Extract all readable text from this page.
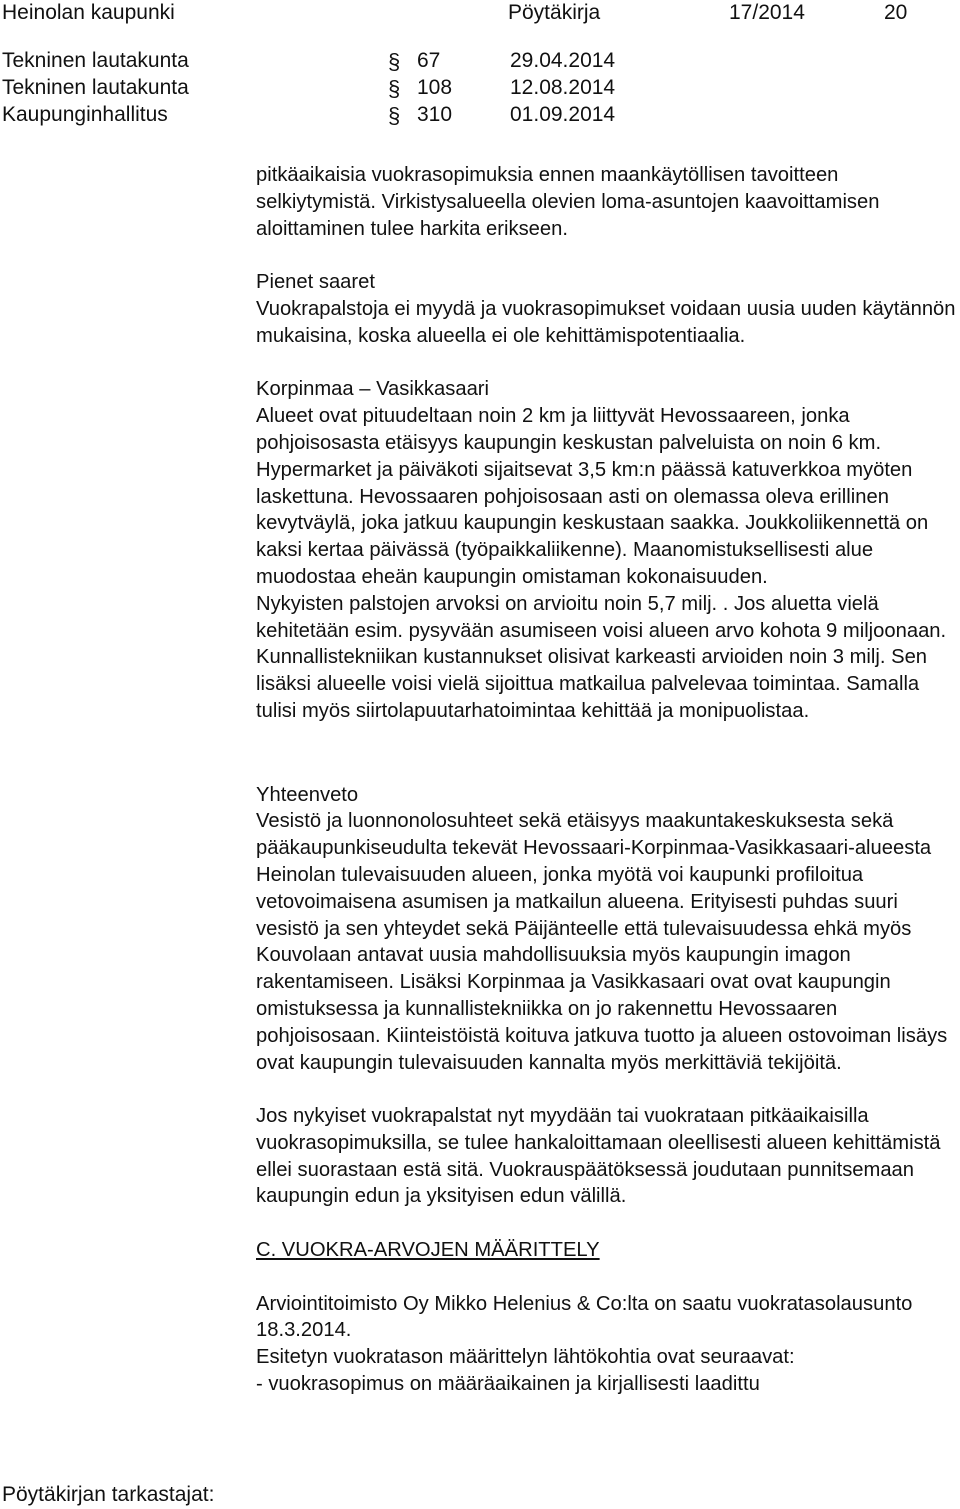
Heinolan kaupunki	Pöytäkirja	17/2014	20
Tekninen lautakunta	§ 67	29.04.2014
Tekninen lautakunta	§ 108	12.08.2014
Kaupunginhallitus	§ 310	01.09.2014

pitkäaikaisia vuokrasopimuksia ennen maankäytöllisen tavoitteen selkiytymistä. Virkistysalueella olevien loma-asuntojen kaavoittamisen aloittaminen tulee harkita erikseen.

Pienet saaret

Vuokrapalstoja ei myydä ja vuokrasopimukset voidaan uusia uuden käytännön mukaisina, koska alueella ei ole kehittämispotentiaalia.

Korpinmaa – Vasikkasaari

Alueet ovat pituudeltaan noin 2 km ja liittyvät Hevossaareen, jonka pohjoisosasta etäisyys kaupungin keskustan palveluista on noin 6 km. Hypermarket ja päiväkoti sijaitsevat 3,5 km:n päässä katuverkkoa myöten laskettuna. Hevossaaren pohjoisosaan asti on olemassa oleva erillinen kevytväylä, joka jatkuu kaupungin keskustaan saakka. Joukkoliikennettä on kaksi kertaa päivässä (työpaikkaliikenne). Maanomistuksellisesti alue muodostaa eheän kaupungin omistaman kokonaisuuden.

Nykyisten palstojen arvoksi on arvioitu noin 5,7 milj. . Jos aluetta vielä kehitetään esim. pysyvään asumiseen voisi alueen arvo kohota 9 miljoonaan. Kunnallistekniikan kustannukset olisivat karkeasti arvioiden noin 3 milj. Sen lisäksi alueelle voisi vielä sijoittua matkailua palvelevaa toimintaa. Samalla tulisi myös siirtolapuutarhatoimintaa kehittää ja monipuolistaa.

Yhteenveto

Vesistö ja luonnonolosuhteet sekä etäisyys maakuntakeskuksesta sekä pääkaupunkiseudulta tekevät Hevossaari-Korpinmaa-Vasikkasaari-alueesta Heinolan tulevaisuuden alueen, jonka myötä voi kaupunki profiloitua vetovoimaisena asumisen ja matkailun alueena. Erityisesti puhdas suuri vesistö ja sen yhteydet sekä Päijänteelle että tulevaisuudessa ehkä myös Kouvolaan antavat uusia mahdollisuuksia myös kaupungin imagon rakentamiseen. Lisäksi Korpinmaa ja Vasikkasaari ovat ovat kaupungin omistuksessa ja kunnallistekniikka on jo rakennettu Hevossaaren pohjoisosaan. Kiinteistöistä koituva jatkuva tuotto ja alueen ostovoiman lisäys ovat kaupungin tulevaisuuden kannalta myös merkittäviä tekijöitä.

Jos nykyiset vuokrapalstat nyt myydään tai vuokrataan pitkäaikaisilla vuokrasopimuksilla, se tulee hankaloittamaan oleellisesti alueen kehittämistä ellei suorastaan estä sitä. Vuokrauspäätöksessä joudutaan punnitsemaan kaupungin edun ja yksityisen edun välillä.

C. VUOKRA-ARVOJEN MÄÄRITTELY

Arviointitoimisto Oy Mikko Helenius & Co:lta on saatu vuokratasolausunto 18.3.2014.

Esitetyn vuokratason määrittelyn lähtökohtia ovat seuraavat:

- vuokrasopimus on määräaikainen ja kirjallisesti laadittu

Pöytäkirjan tarkastajat:
